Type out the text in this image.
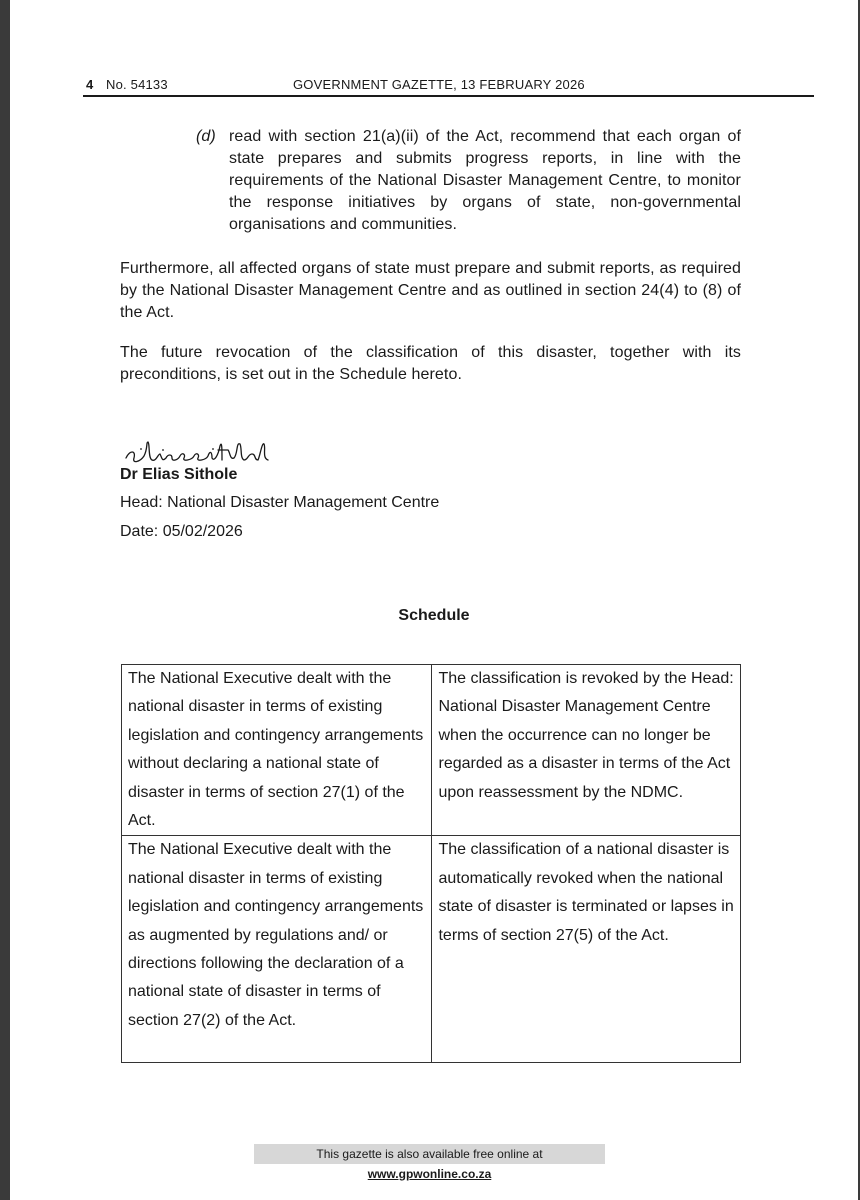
4 No. 54133	GOVERNMENT GAZETTE, 13 FEBRUARY 2026
(d) read with section 21(a)(ii) of the Act, recommend that each organ of state prepares and submits progress reports, in line with the requirements of the National Disaster Management Centre, to monitor the response initiatives by organs of state, non-governmental organisations and communities.
Furthermore, all affected organs of state must prepare and submit reports, as required by the National Disaster Management Centre and as outlined in section 24(4) to (8) of the Act.
The future revocation of the classification of this disaster, together with its preconditions, is set out in the Schedule hereto.
Dr Elias Sithole
Head: National Disaster Management Centre
Date: 05/02/2026
Schedule
The National Executive dealt with the national disaster in terms of existing legislation and contingency arrangements without declaring a national state of disaster in terms of section 27(1) of the Act.	The classification is revoked by the Head: National Disaster Management Centre when the occurrence can no longer be regarded as a disaster in terms of the Act upon reassessment by the NDMC.
The National Executive dealt with the national disaster in terms of existing legislation and contingency arrangements as augmented by regulations and/ or directions following the declaration of a national state of disaster in terms of section 27(2) of the Act.	The classification of a national disaster is automatically revoked when the national state of disaster is terminated or lapses in terms of section 27(5) of the Act.
This gazette is also available free online at www.gpwonline.co.za
